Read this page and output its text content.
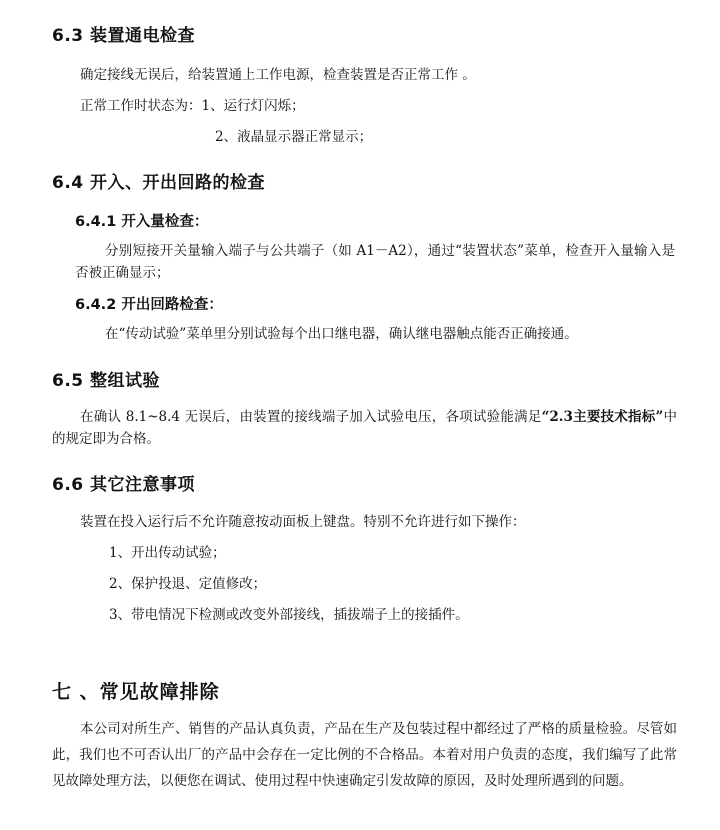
6.3 装置通电检查
确定接线无误后，给装置通上工作电源，检查装置是否正常工作 。
正常工作时状态为：1、运行灯闪烁；
2、液晶显示器正常显示；
6.4 开入、开出回路的检查
6.4.1 开入量检查：
分别短接开关量输入端子与公共端子（如 A1－A2），通过“装置状态”菜单，检查开入量输入是否被正确显示；
6.4.2 开出回路检查：
在“传动试验”菜单里分别试验每个出口继电器，确认继电器触点能否正确接通。
6.5 整组试验
在确认 8.1~8.4 无误后，由装置的接线端子加入试验电压，各项试验能满足“2.3主要技术指标”中的规定即为合格。
6.6 其它注意事项
装置在投入运行后不允许随意按动面板上键盘。特别不允许进行如下操作：
1、开出传动试验；
2、保护投退、定值修改；
3、带电情况下检测或改变外部接线，插拔端子上的接插件。
七 、常见故障排除
本公司对所生产、销售的产品认真负责，产品在生产及包装过程中都经过了严格的质量检验。尽管如此，我们也不可否认出厂的产品中会存在一定比例的不合格品。本着对用户负责的态度，我们编写了此常见故障处理方法，以便您在调试、使用过程中快速确定引发故障的原因，及时处理所遇到的问题。
